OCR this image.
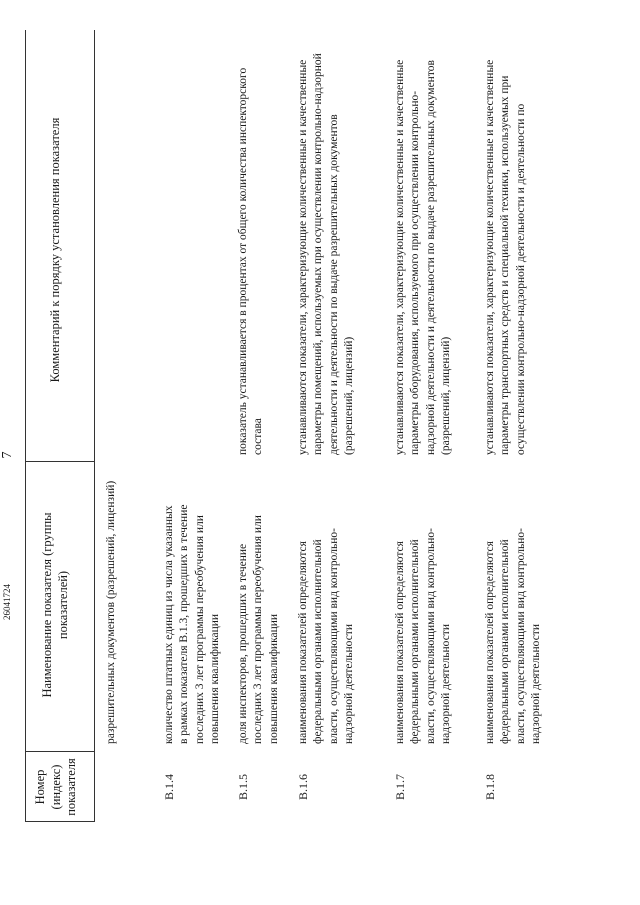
7
Номер (индекс) показателя
Наименование показателя (группы показателей)
Комментарий к порядку установления показателя
разрешительных документов (разрешений, лицензий)
В.1.4
количество штатных единиц из числа указанных в рамках показателя В.1.3, прошедших в течение последних 3 лет программы переобучения или повышения квалификации
В.1.5
доля инспекторов, прошедших в течение последних 3 лет программы переобучения или повышения квалификации
показатель устанавливается в процентах от общего количества инспекторского состава
В.1.6
наименования показателей определяются федеральными органами исполнительной власти, осуществляющими вид контрольно-надзорной деятельности
устанавливаются показатели, характеризующие количественные и качественные параметры помещений, используемых при осуществлении контрольно-надзорной деятельности и деятельности по выдаче разрешительных документов (разрешений, лицензий)
В.1.7
наименования показателей определяются федеральными органами исполнительной власти, осуществляющими вид контрольно-надзорной деятельности
устанавливаются показатели, характеризующие количественные и качественные параметры оборудования, используемого при осуществлении контрольно-надзорной деятельности и деятельности по выдаче разрешительных документов (разрешений, лицензий)
В.1.8
наименования показателей определяются федеральными органами исполнительной власти, осуществляющими вид контрольно-надзорной деятельности
устанавливаются показатели, характеризующие количественные и качественные параметры транспортных средств и специальной техники, используемых при осуществлении контрольно-надзорной деятельности и деятельности по
26041724
